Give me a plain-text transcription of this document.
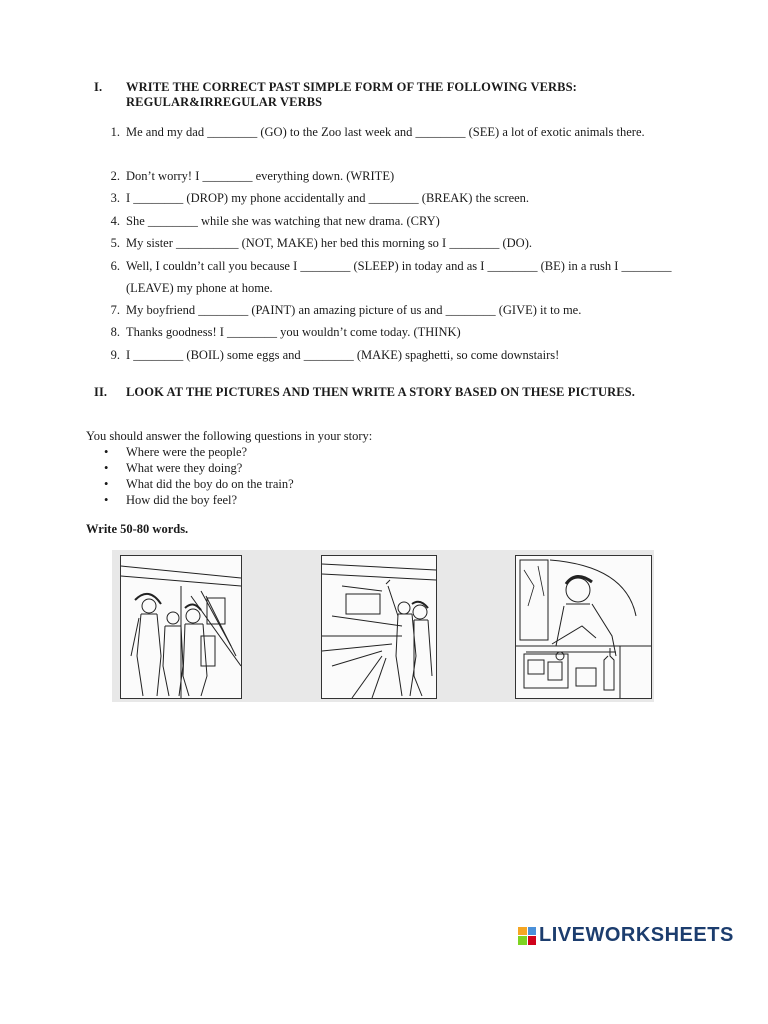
I. WRITE THE CORRECT PAST SIMPLE FORM OF THE FOLLOWING VERBS: REGULAR&IRREGULAR VERBS
1. Me and my dad ________ (GO) to the Zoo last week and ________ (SEE) a lot of exotic animals there.
2. Don’t worry! I ________ everything down. (WRITE)
3. I ________ (DROP) my phone accidentally and ________ (BREAK) the screen.
4. She ________ while she was watching that new drama. (CRY)
5. My sister __________ (NOT, MAKE) her bed this morning so I ________ (DO).
6. Well, I couldn’t call you because I ________ (SLEEP) in today and as I ________ (BE) in a rush I ________ (LEAVE) my phone at home.
7. My boyfriend ________ (PAINT) an amazing picture of us and ________ (GIVE) it to me.
8. Thanks goodness! I ________ you wouldn’t come today. (THINK)
9. I ________ (BOIL) some eggs and ________ (MAKE) spaghetti, so come downstairs!
II. LOOK AT THE PICTURES AND THEN WRITE A STORY BASED ON THESE PICTURES.
You should answer the following questions in your story:
• Where were the people?
• What were they doing?
• What did the boy do on the train?
• How did the boy feel?
Write 50-80 words.
LIVEWORKSHEETS
